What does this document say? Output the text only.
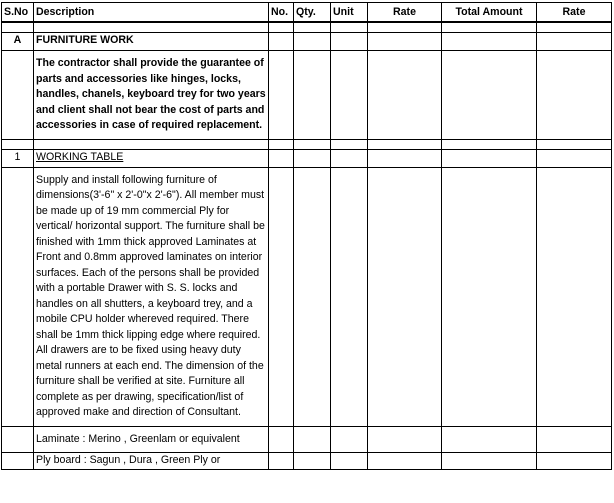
S.No	Description	No.	Qty.	Unit	Rate	Total Amount	Rate

A	FURNITURE WORK						
	The contractor shall provide the guarantee of parts and accessories like hinges, locks, handles, chanels, keyboard trey for two years and client shall not bear the cost of parts and accessories in case of required replacement.						

1	WORKING TABLE						
	Supply and install following furniture of dimensions(3'-6" x 2'-0"x 2'-6"). All member must be made up of 19 mm commercial Ply for vertical/ horizontal support. The furniture shall be finished with 1mm thick approved Laminates at Front and 0.8mm approved laminates on interior surfaces. Each of the persons shall be provided with a portable Drawer with S. S. locks and handles on all shutters, a keyboard trey, and a mobile CPU holder whereved required. There shall be 1mm thick lipping edge where required. All drawers are to be fixed using heavy duty metal runners at each end. The dimension of the furniture shall be verified at site. Furniture all complete as per drawing, specification/list of approved make and direction of Consultant.						
	Laminate : Merino , Greenlam or equivalent						
	Ply board : Sagun , Dura , Green Ply or						
